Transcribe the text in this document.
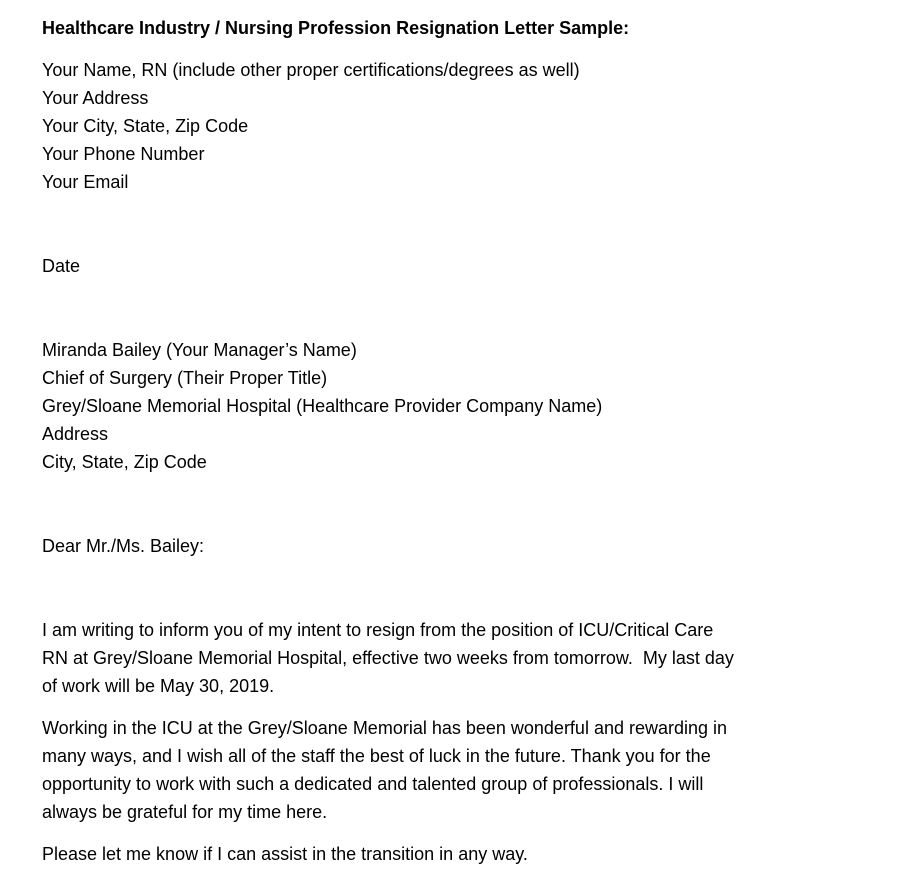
Healthcare Industry / Nursing Profession Resignation Letter Sample:

Your Name, RN (include other proper certifications/degrees as well)
Your Address
Your City, State, Zip Code
Your Phone Number
Your Email

Date

Miranda Bailey (Your Manager’s Name)
Chief of Surgery (Their Proper Title)
Grey/Sloane Memorial Hospital (Healthcare Provider Company Name)
Address
City, State, Zip Code

Dear Mr./Ms. Bailey:

I am writing to inform you of my intent to resign from the position of ICU/Critical Care
RN at Grey/Sloane Memorial Hospital, effective two weeks from tomorrow.  My last day
of work will be May 30, 2019.
Working in the ICU at the Grey/Sloane Memorial has been wonderful and rewarding in
many ways, and I wish all of the staff the best of luck in the future. Thank you for the
opportunity to work with such a dedicated and talented group of professionals. I will
always be grateful for my time here.
Please let me know if I can assist in the transition in any way.
